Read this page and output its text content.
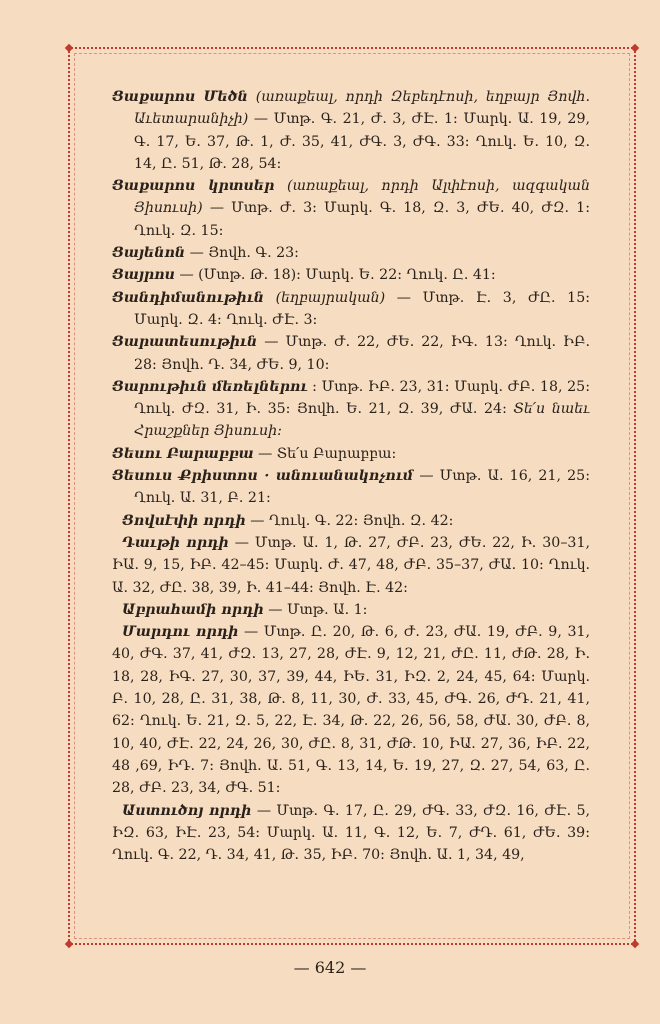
Ցաքարոս Մեծն (առաքեալ, որդի Զեբեդէոսի, եղբայր Յովհ. Աւետարանիչի) — Մտթ. Գ. 21, Ժ. 3, ԺԷ. 1: Մարկ. Ա. 19, 29, Գ. 17, Ե. 37, Թ. 1, Ժ. 35, 41, ԺԳ. 3, ԺԳ. 33: Ղուկ. Ե. 10, Զ. 14, Ը. 51, Թ. 28, 54:

Ցաքարոս կրտսեր (առաքեալ, որդի Ալփէոսի, ազգական Յիսուսի) — Մտթ. Ժ. 3: Մարկ. Գ. 18, Զ. 3, ԺԵ. 40, ԺԶ. 1: Ղուկ. Զ. 15:

Ցայենոն — Յովհ. Գ. 23:

Ցայրոս — (Մտթ. Թ. 18): Մարկ. Ե. 22: Ղուկ. Ը. 41:

Ցանդիմանութիւն (եղբայրական) — Մտթ. Է. 3, ԺԸ. 15: Մարկ. Զ. 4: Ղուկ. ԺԷ. 3:

Ցարատեսութիւն — Մտթ. Ժ. 22, ԺԵ. 22, ԻԳ. 13: Ղուկ. ԻԲ. 28: Յովհ. Դ. 34, ԺԵ. 9, 10:

Ցարութիւն մեռելներու : Մտթ. ԻԲ. 23, 31: Մարկ. ԺԲ. 18, 25: Ղուկ. ԺԶ. 31, Ի. 35: Յովհ. Ե. 21, Զ. 39, ԺԱ. 24: Տե՛ս նաեւ Հրաշքներ Յիսուսի:

Ցեսու Բարաբբա — Տե՛ս Բարաբբա:

Ցեսուս Քրիստոս · անուանակոչում — Մտթ. Ա. 16, 21, 25: Ղուկ. Ա. 31, Բ. 21:

Ցովսէփի որդի — Ղուկ. Գ. 22: Յովհ. Զ. 42:

Դաւթի որդի — Մտթ. Ա. 1, Թ. 27, ԺԲ. 23, ԺԵ. 22, Ի. 30–31, ԻԱ. 9, 15, ԻԲ. 42–45: Մարկ. Ժ. 47, 48, ԺԲ. 35–37, ԺԱ. 10: Ղուկ. Ա. 32, ԺԸ. 38, 39, Ի. 41–44: Յովհ. Է. 42:

Աբրահամի որդի — Մտթ. Ա. 1:

Մարդու որդի — Մտթ. Ը. 20, Թ. 6, Ժ. 23, ԺԱ. 19, ԺԲ. 9, 31, 40, ԺԳ. 37, 41, ԺԶ. 13, 27, 28, ԺԷ. 9, 12, 21, ԺԸ. 11, ԺԹ. 28, Ի. 18, 28, ԻԳ. 27, 30, 37, 39, 44, ԻԵ. 31, ԻԶ. 2, 24, 45, 64: Մարկ. Բ. 10, 28, Ը. 31, 38, Թ. 8, 11, 30, Ժ. 33, 45, ԺԳ. 26, ԺԴ. 21, 41, 62: Ղուկ. Ե. 21, Զ. 5, 22, Է. 34, Թ. 22, 26, 56, 58, ԺԱ. 30, ԺԲ. 8, 10, 40, ԺԷ. 22, 24, 26, 30, ԺԸ. 8, 31, ԺԹ. 10, ԻԱ. 27, 36, ԻԲ. 22, 48 ,69, ԻԴ. 7: Յովհ. Ա. 51, Գ. 13, 14, Ե. 19, 27, Զ. 27, 54, 63, Ը. 28, ԺԲ. 23, 34, ԺԳ. 51:

Աստուծոյ որդի — Մտթ. Գ. 17, Ը. 29, ԺԳ. 33, ԺԶ. 16, ԺԷ. 5, ԻԶ. 63, ԻԷ. 23, 54: Մարկ. Ա. 11, Գ. 12, Ե. 7, ԺԴ. 61, ԺԵ. 39: Ղուկ. Գ. 22, Դ. 34, 41, Թ. 35, ԻԲ. 70: Յովհ. Ա. 1, 34, 49,

— 642 —
